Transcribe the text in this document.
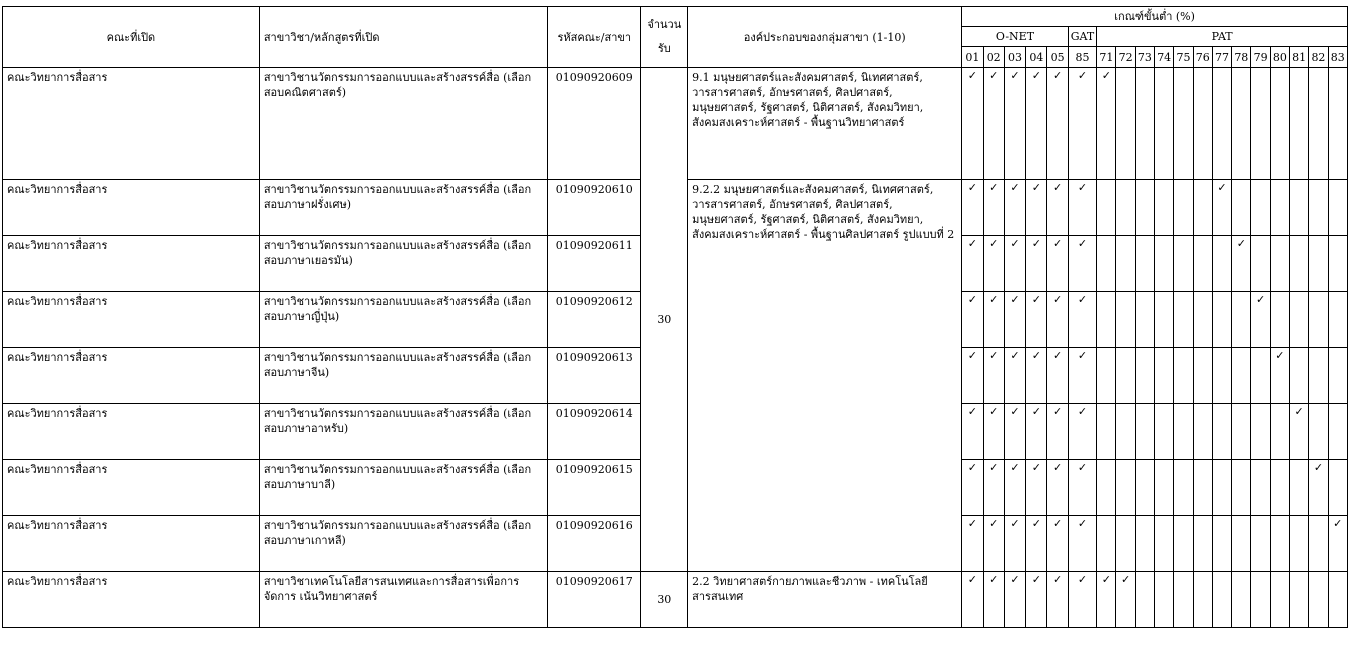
คณะที่เปิด	สาขาวิชา/หลักสูตรที่เปิด	รหัสคณะ/สาขา	จำนวนรับ	องค์ประกอบของกลุ่มสาขา (1-10)	เกณฑ์ขั้นต่ำ (%)																		
					O-NET					GAT	PAT												
					01	02	03	04	05	85	71	72	73	74	75	76	77	78	79	80	81	82	83
คณะวิทยาการสื่อสาร	สาขาวิชานวัตกรรมการออกแบบและสร้างสรรค์สื่อ (เลือกสอบคณิตศาสตร์)	01090920609	30	9.1 มนุษยศาสตร์และสังคมศาสตร์, นิเทศศาสตร์, วารสารศาสตร์, อักษรศาสตร์, ศิลปศาสตร์, มนุษยศาสตร์, รัฐศาสตร์, นิติศาสตร์, สังคมวิทยา, สังคมสงเคราะห์ศาสตร์ - พื้นฐานวิทยาศาสตร์	✓	✓	✓	✓	✓	✓	✓												
คณะวิทยาการสื่อสาร	สาขาวิชานวัตกรรมการออกแบบและสร้างสรรค์สื่อ (เลือกสอบภาษาฝรั่งเศษ)	01090920610		9.2.2 มนุษยศาสตร์และสังคมศาสตร์, นิเทศศาสตร์, วารสารศาสตร์, อักษรศาสตร์, ศิลปศาสตร์, มนุษยศาสตร์, รัฐศาสตร์, นิติศาสตร์, สังคมวิทยา, สังคมสงเคราะห์ศาสตร์ - พื้นฐานศิลปศาสตร์ รูปแบบที่ 2	✓	✓	✓	✓	✓	✓							✓						
คณะวิทยาการสื่อสาร	สาขาวิชานวัตกรรมการออกแบบและสร้างสรรค์สื่อ (เลือกสอบภาษาเยอรมัน)	01090920611			✓	✓	✓	✓	✓	✓								✓					
คณะวิทยาการสื่อสาร	สาขาวิชานวัตกรรมการออกแบบและสร้างสรรค์สื่อ (เลือกสอบภาษาญี่ปุ่น)	01090920612			✓	✓	✓	✓	✓	✓									✓				
คณะวิทยาการสื่อสาร	สาขาวิชานวัตกรรมการออกแบบและสร้างสรรค์สื่อ (เลือกสอบภาษาจีน)	01090920613			✓	✓	✓	✓	✓	✓										✓			
คณะวิทยาการสื่อสาร	สาขาวิชานวัตกรรมการออกแบบและสร้างสรรค์สื่อ (เลือกสอบภาษาอาหรับ)	01090920614			✓	✓	✓	✓	✓	✓											✓		
คณะวิทยาการสื่อสาร	สาขาวิชานวัตกรรมการออกแบบและสร้างสรรค์สื่อ (เลือกสอบภาษาบาลี)	01090920615			✓	✓	✓	✓	✓	✓												✓	
คณะวิทยาการสื่อสาร	สาขาวิชานวัตกรรมการออกแบบและสร้างสรรค์สื่อ (เลือกสอบภาษาเกาหลี)	01090920616			✓	✓	✓	✓	✓	✓													✓
คณะวิทยาการสื่อสาร	สาขาวิชาเทคโนโลยีสารสนเทศและการสื่อสารเพื่อการจัดการ เน้นวิทยาศาสตร์	01090920617	30	2.2 วิทยาศาสตร์กายภาพและชีวภาพ - เทคโนโลยีสารสนเทศ	✓	✓	✓	✓	✓	✓	✓	✓											
